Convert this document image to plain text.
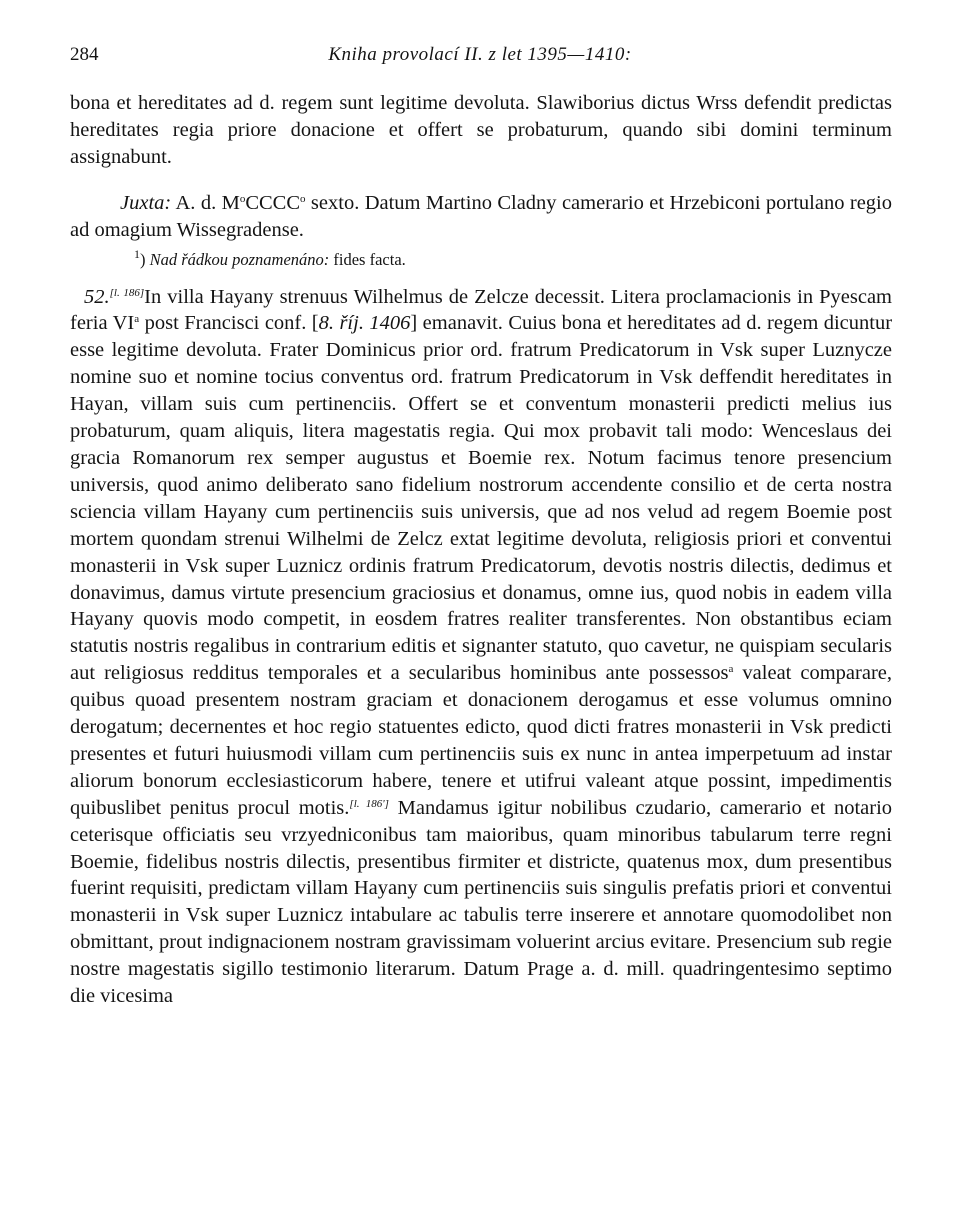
284	Kniha provolací II. z let 1395—1410:

bona et hereditates ad d. regem sunt legitime devoluta. Slawiborius dictus Wrss defendit predictas hereditates regia priore donacione et offert se probaturum, quando sibi domini terminum assignabunt.

Juxta: A. d. $M^oCCCC^o$ sexto. Datum Martino Cladny camerario et Hrzebiconi portulano regio ad omagium Wissegradense.

$^1$) Nad řádkou poznamenáno: fides facta.

52.[l. 186]In villa Hayany strenuus Wilhelmus de Zelcze decessit. Litera proclamacionis in Pyescam feria $VI^a$ post Francisci conf. [8. říj. 1406] emanavit. Cuius bona et hereditates ad d. regem dicuntur esse legitime devoluta. Frater Dominicus prior ord. fratrum Predicatorum in Vsk super Luznycze nomine suo et nomine tocius conventus ord. fratrum Predicatorum in Vsk deffendit hereditates in Hayan, villam suis cum pertinenciis. Offert se et conventum monasterii predicti melius ius probaturum, quam aliquis, litera magestatis regia. Qui mox probavit tali modo: Wenceslaus dei gracia Romanorum rex semper augustus et Boemie rex. Notum facimus tenore presencium universis, quod animo deliberato sano fidelium nostrorum accendente consilio et de certa nostra sciencia villam Hayany cum pertinenciis suis universis, que ad nos velud ad regem Boemie post mortem quondam strenui Wilhelmi de Zelcz extat legitime devoluta, religiosis priori et conventui monasterii in Vsk super Luznicz ordinis fratrum Predicatorum, devotis nostris dilectis, dedimus et donavimus, damus virtute presencium graciosius et donamus, omne ius, quod nobis in eadem villa Hayany quovis modo competit, in eosdem fratres realiter transferentes. Non obstantibus eciam statutis nostris regalibus in contrarium editis et signanter statuto, quo cavetur, ne quispiam secularis aut religiosus redditus temporales et a secularibus hominibus ante possessos$^a$ valeat comparare, quibus quoad presentem nostram graciam et donacionem derogamus et esse volumus omnino derogatum; decernentes et hoc regio statuentes edicto, quod dicti fratres monasterii in Vsk predicti presentes et futuri huiusmodi villam cum pertinenciis suis ex nunc in antea imperpetuum ad instar aliorum bonorum ecclesiasticorum habere, tenere et utifrui valeant atque possint, impedimentis quibuslibet penitus procul motis.[l. 186'] Mandamus igitur nobilibus czudario, camerario et notario ceterisque officiatis seu vrzyedniconibus tam maioribus, quam minoribus tabularum terre regni Boemie, fidelibus nostris dilectis, presentibus firmiter et districte, quatenus mox, dum presentibus fuerint requisiti, predictam villam Hayany cum pertinenciis suis singulis prefatis priori et conventui monasterii in Vsk super Luznicz intabulare ac tabulis terre inserere et annotare quomodolibet non obmittant, prout indignacionem nostram gravissimam voluerint arcius evitare. Presencium sub regie nostre magestatis sigillo testimonio literarum. Datum Prage a. d. mill. quadringentesimo septimo die vicesima
